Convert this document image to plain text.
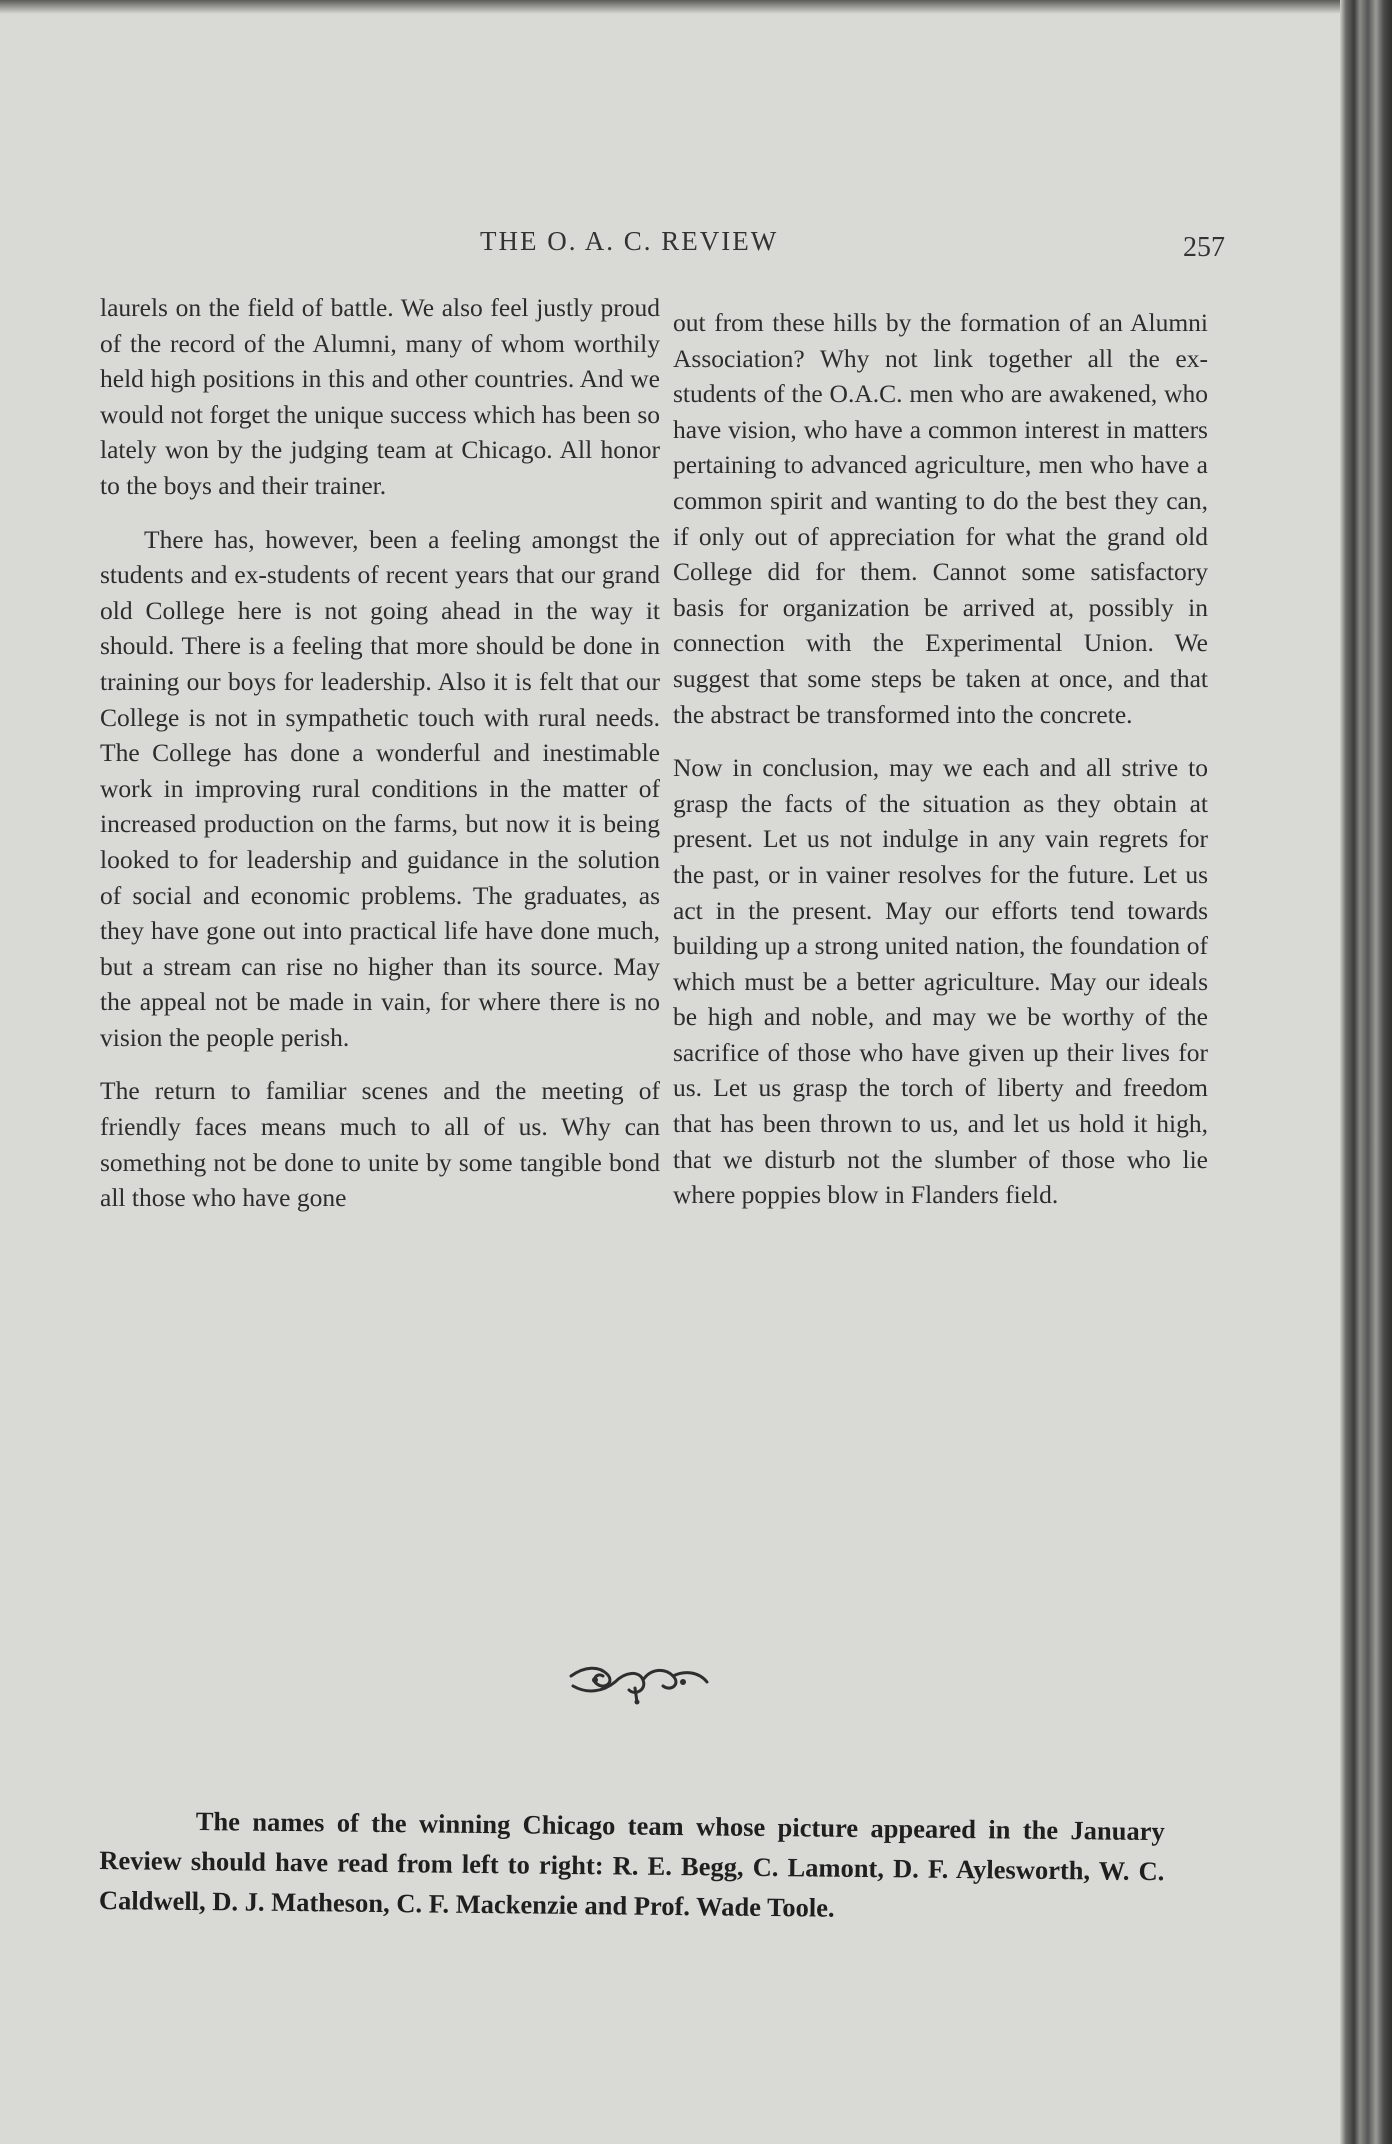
THE O. A. C. REVIEW	257

laurels on the field of battle. We also feel justly proud of the record of the Alumni, many of whom worthily held high positions in this and other countries. And we would not forget the unique success which has been so lately won by the judging team at Chicago. All honor to the boys and their trainer.

There has, however, been a feeling amongst the students and ex-students of recent years that our grand old College here is not going ahead in the way it should. There is a feeling that more should be done in training our boys for leadership. Also it is felt that our College is not in sympathetic touch with rural needs. The College has done a wonderful and inestimable work in improving rural conditions in the matter of increased production on the farms, but now it is being looked to for leadership and guidance in the solution of social and economic problems. The graduates, as they have gone out into practical life have done much, but a stream can rise no higher than its source. May the appeal not be made in vain, for where there is no vision the people perish.

The return to familiar scenes and the meeting of friendly faces means much to all of us. Why can something not be done to unite by some tangible bond all those who have gone

out from these hills by the formation of an Alumni Association? Why not link together all the ex-students of the O.A.C. men who are awakened, who have vision, who have a common interest in matters pertaining to advanced agriculture, men who have a common spirit and wanting to do the best they can, if only out of appreciation for what the grand old College did for them. Cannot some satisfactory basis for organization be arrived at, possibly in connection with the Experimental Union. We suggest that some steps be taken at once, and that the abstract be transformed into the concrete.

Now in conclusion, may we each and all strive to grasp the facts of the situation as they obtain at present. Let us not indulge in any vain regrets for the past, or in vainer resolves for the future. Let us act in the present. May our efforts tend towards building up a strong united nation, the foundation of which must be a better agriculture. May our ideals be high and noble, and may we be worthy of the sacrifice of those who have given up their lives for us. Let us grasp the torch of liberty and freedom that has been thrown to us, and let us hold it high, that we disturb not the slumber of those who lie where poppies blow in Flanders field.

The names of the winning Chicago team whose picture appeared in the January Review should have read from left to right: R. E. Begg, C. Lamont, D. F. Aylesworth, W. C. Caldwell, D. J. Matheson, C. F. Mackenzie and Prof. Wade Toole.
